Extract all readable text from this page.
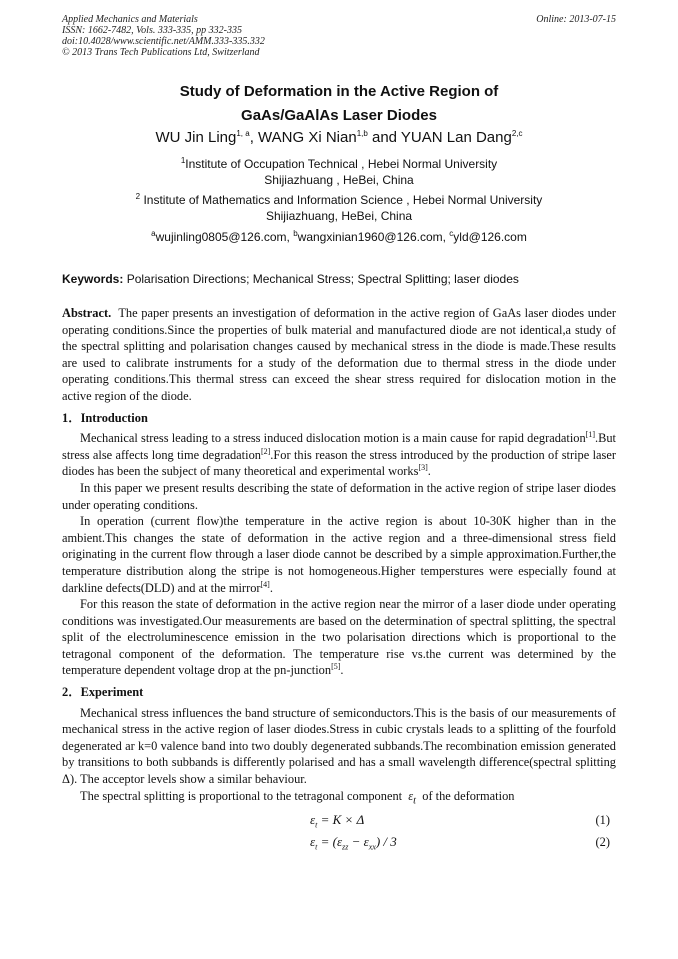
Applied Mechanics and Materials
ISSN: 1662-7482, Vols. 333-335, pp 332-335
doi:10.4028/www.scientific.net/AMM.333-335.332
© 2013 Trans Tech Publications Ltd, Switzerland
Online: 2013-07-15
Study of Deformation in the Active Region of
GaAs/GaAlAs Laser Diodes
WU Jin Ling$^{1, a}$, WANG Xi Nian$^{1,b}$ and YUAN Lan Dang$^{2,c}$
$^1$Institute of Occupation Technical , Hebei Normal University
Shijiazhuang , HeBei, China
$^2$ Institute of Mathematics and Information Science , Hebei Normal University
Shijiazhuang, HeBei, China
$^a$wujinling0805@126.com, $^b$wangxinian1960@126.com, $^c$yld@126.com
Keywords: Polarisation Directions; Mechanical Stress; Spectral Splitting; laser diodes

Abstract. The paper presents an investigation of deformation in the active region of GaAs laser diodes under operating conditions.Since the properties of bulk material and manufactured diode are not identical,a study of the spectral splitting and polarisation changes caused by mechanical stress in the diode is made.These results are used to calibrate instruments for a study of the deformation due to thermal stress in the diode under operating conditions.This thermal stress can exceed the shear stress required for dislocation motion in the active region of the diode.

1．Introduction

Mechanical stress leading to a stress induced dislocation motion is a main cause for rapid degradation[1].But stress alse affects long time degradation[2].For this reason the stress introduced by the production of stripe laser diodes has been the subject of many theoretical and experimental works[3].

In this paper we present results describing the state of deformation in the active region of stripe laser diodes under operating conditions.

In operation (current flow)the temperature in the active region is about 10-30K higher than in the ambient.This changes the state of deformation in the active region and a three-dimensional stress field originating in the current flow through a laser diode cannot be described by a simple approximation.Further,the temperature distribution along the stripe is not homogeneous.Higher temperstures were especially found at darkline defects(DLD) and at the mirror[4].

For this reason the state of deformation in the active region near the mirror of a laser diode under operating conditions was investigated.Our measurements are based on the determination of spectral splitting, the spectral split of the electroluminescence emission in the two polarisation directions which is proportional to the tetragonal component of the deformation. The temperature rise vs.the current was determined by the temperature dependent voltage drop at the pn-junction[5].

2．Experiment

Mechanical stress influences the band structure of semiconductors.This is the basis of our measurements of mechanical stress in the active region of laser diodes.Stress in cubic crystals leads to a splitting of the fourfold degenerated ar k=0 valence band into two doubly degenerated subbands.The recombination emission generated by transitions to both subbands is differently polarised and has a small wavelength difference(spectral splitting Δ). The acceptor levels show a similar behaviour.

The spectral splitting is proportional to the tetragonal component $\varepsilon_t$ of the deformation

$\varepsilon_t = K \times \Delta$	(1)
$\varepsilon_t = (\varepsilon_{zz} - \varepsilon_{xx}) / 3$	(2)
